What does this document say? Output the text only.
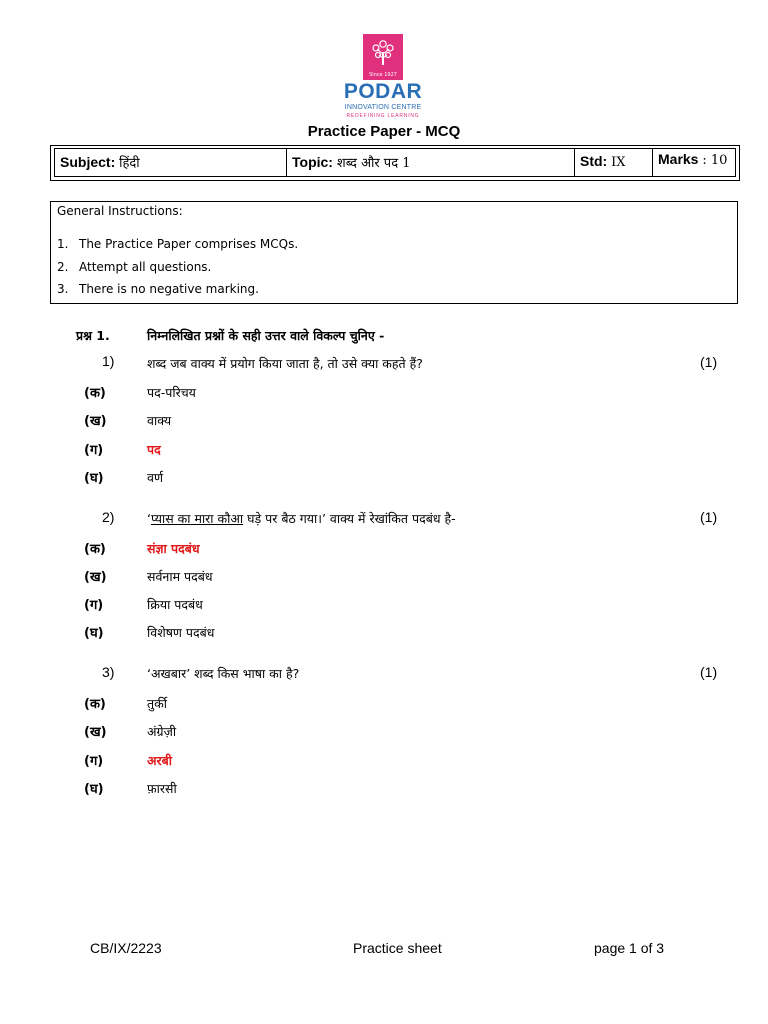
Since 1927
PODAR
INNOVATION CENTRE
REDEFINING LEARNING
Practice Paper - MCQ
Subject: हिंदी	Topic: शब्द और पद 1	Std: IX	Marks : 10
General Instructions:
1. The Practice Paper comprises MCQs.
2. Attempt all questions.
3. There is no negative marking.
प्रश्न 1.	निम्नलिखित प्रश्नों के सही उत्तर वाले विकल्प चुनिए -
1)	शब्द जब वाक्य में प्रयोग किया जाता है, तो उसे क्या कहते हैं?	(1)
(क)	पद-परिचय
(ख)	वाक्य
(ग)	पद
(घ)	वर्ण
2)	‘प्यास का मारा कौआ घड़े पर बैठ गया।’ वाक्य में रेखांकित पदबंध है-	(1)
(क)	संज्ञा पदबंध
(ख)	सर्वनाम पदबंध
(ग)	क्रिया पदबंध
(घ)	विशेषण पदबंध
3)	‘अखबार’ शब्द किस भाषा का है?	(1)
(क)	तुर्की
(ख)	अंग्रेज़ी
(ग)	अरबी
(घ)	फ़ारसी
CB/IX/2223	Practice sheet	page 1 of 3
